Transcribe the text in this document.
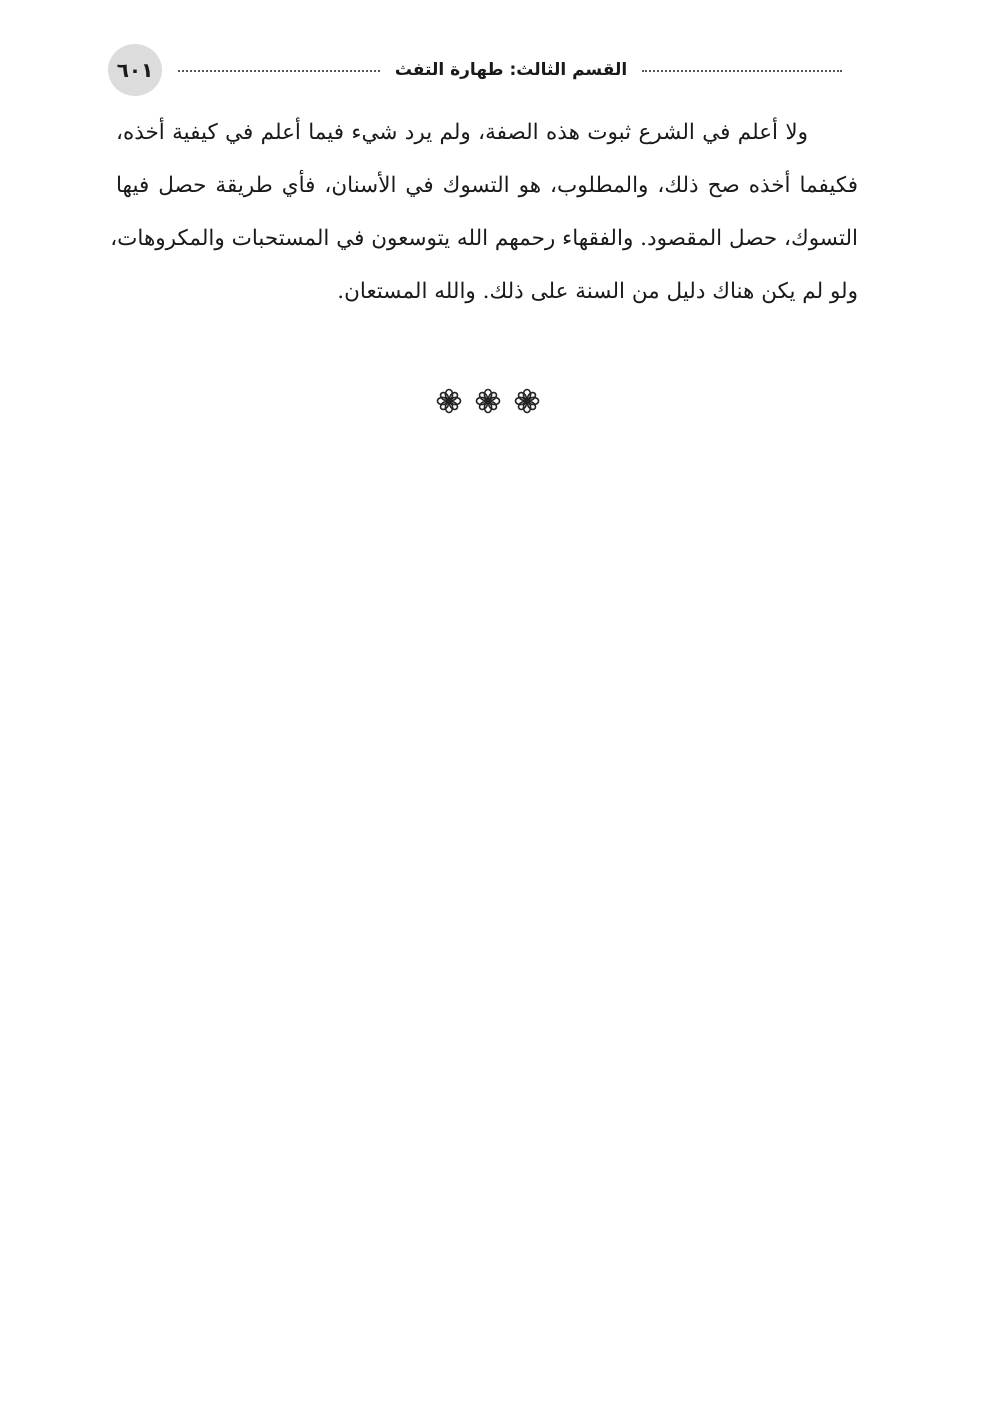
٦٠١	القسم الثالث: طهارة التفث
ولا أعلم في الشرع ثبوت هذه الصفة، ولم يرد شيء فيما أعلم في كيفية أخذه،
فكيفما أخذه صح ذلك، والمطلوب، هو التسوك في الأسنان، فأي طريقة حصل فيها
التسوك، حصل المقصود. والفقهاء رحمهم الله يتوسعون في المستحبات والمكروهات،
ولو لم يكن هناك دليل من السنة على ذلك. والله المستعان.
